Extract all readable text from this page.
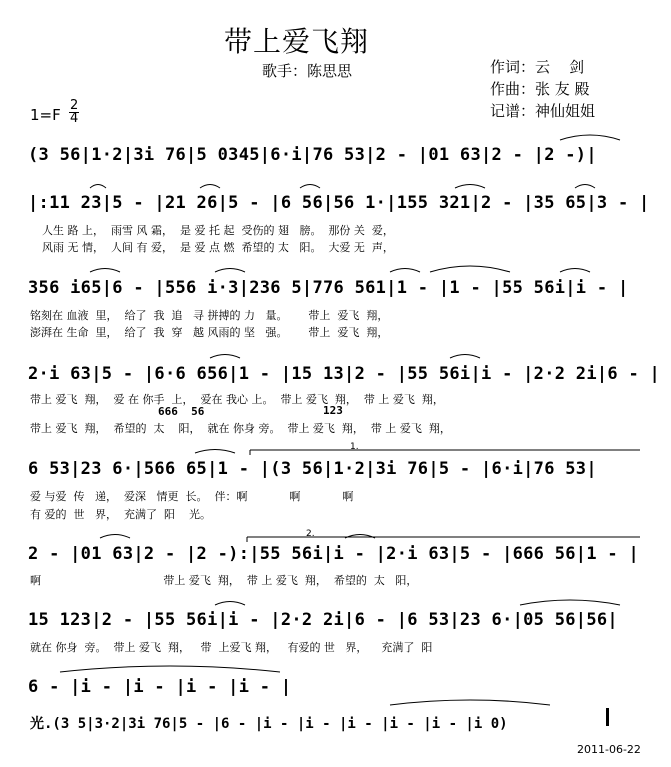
带上爱飞翔
歌手：陈思思	作词：云    剑
作曲：张 友 殿
记谱：神仙姐姐
1=F
2
4
(3 56|1·2|3i 76|5 0345|6·i|76 53|2 - |01 63|2 - |2 -)|
|:11 23|5 - |21 26|5 - |6 56|56 1·|155 321|2 - |35 65|3 - |
人生 路 上，  雨雪 风 霜，  是 爱 托 起  受伤的 翅   膀。  那份 关  爱，
风雨 无 情，  人间 有 爱，  是 爱 点 燃  希望的 太   阳。  大爱 无  声，
356 i65|6 - |556 i·3|236 5|776 561|1 - |1 - |55 56i|i - |
铭刻在 血液  里，  给了  我  追   寻 拼搏的 力   量。      带上  爱飞  翔，
澎湃在 生命  里，  给了  我  穿   越 风雨的 坚   强。      带上  爱飞  翔，
2·i 63|5 - |6·6 656|1 - |15 13|2 - |55 56i|i - |2·2 2i|6 - |
带上 爱飞  翔，  爱 在 你手  上，  爱在 我心 上。  带上 爱飞  翔，  带 上 爱飞  翔，
666  56	123
带上 爱飞  翔，  希望的  太    阳，  就在 你身 旁。  带上 爱飞  翔，  带 上 爱飞  翔，
6 53|23 6·|566 65|1 - |(3 56|1·2|3i 76|5 - |6·i|76 53|
爱 与爱  传   递，  爱深   情更  长。  伴：啊            啊            啊
有 爱的  世   界，  充满了  阳    光。
2 - |01 63|2 - |2 -):|55 56i|i - |2·i 63|5 - |666 56|1 - |
啊                                   带上 爱飞  翔，  带 上 爱飞  翔，  希望的  太   阳，
15 123|2 - |55 56i|i - |2·2 2i|6 - |6 53|23 6·|05 56|56|
就在 你身  旁。  带上 爱飞  翔，   带  上爱飞 翔，   有爱的 世   界，    充满了  阳
6 - |i - |i - |i - |i - |
光.(3 5|3·2|3i 76|5 - |6 - |i - |i - |i - |i - |i - |i 0)
1.
2.
2011-06-22
